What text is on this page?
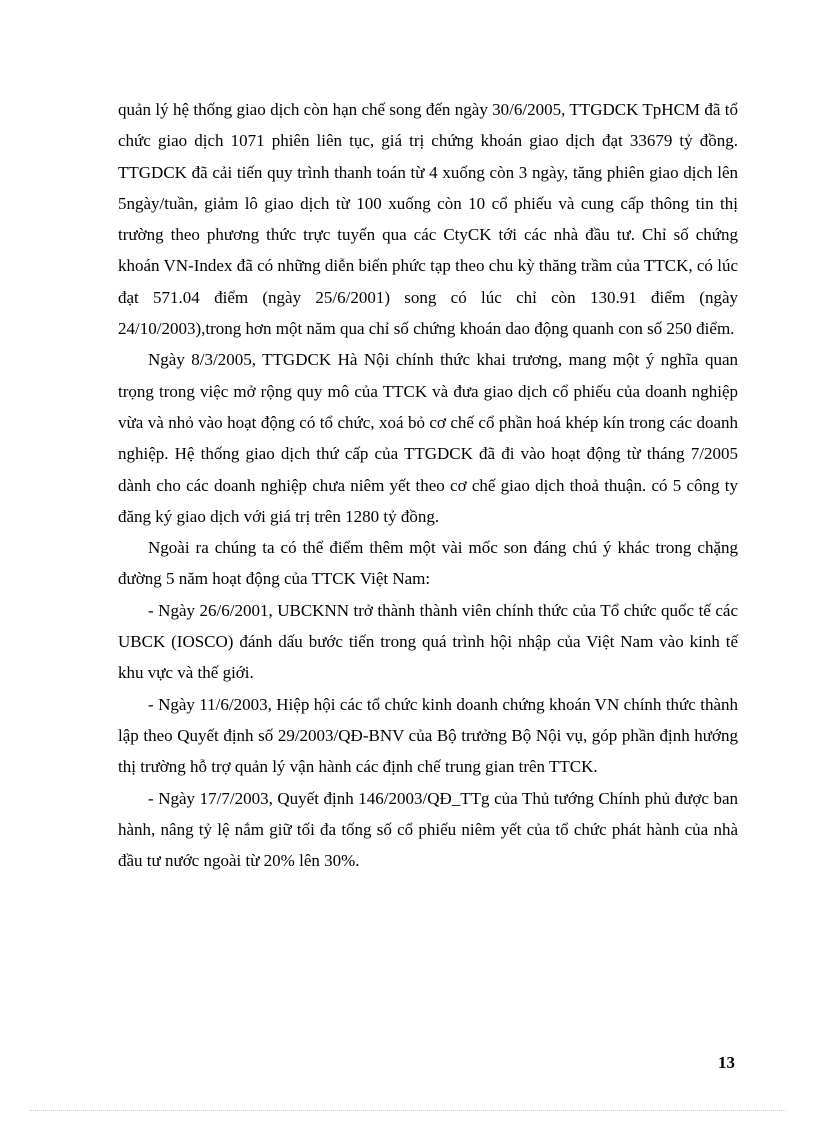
quản lý hệ thống giao dịch còn hạn chế song đến ngày 30/6/2005, TTGDCK TpHCM đã tổ chức giao dịch 1071 phiên liên tục, giá trị chứng khoán giao dịch đạt 33679 tỷ đồng. TTGDCK đã cải tiến quy trình thanh toán từ 4 xuống còn 3 ngày, tăng phiên giao dịch lên 5ngày/tuần, giảm lô giao dịch từ 100 xuống còn 10 cổ phiếu và cung cấp thông tin thị trường theo phương thức trực tuyến qua các CtyCK tới các nhà đầu tư. Chỉ số chứng khoán VN-Index đã có những diễn biến phức tạp theo chu kỳ thăng trầm của TTCK, có lúc đạt 571.04 điểm (ngày 25/6/2001) song có lúc chỉ còn 130.91 điểm (ngày 24/10/2003),trong hơn một năm qua chỉ số chứng khoán dao động quanh con số 250 điểm.

Ngày 8/3/2005, TTGDCK Hà Nội chính thức khai trương, mang một ý nghĩa quan trọng trong việc mở rộng quy mô của TTCK và đưa giao dịch cổ phiếu của doanh nghiệp vừa và nhỏ vào hoạt động có tổ chức, xoá bỏ cơ chế cổ phần hoá khép kín trong các doanh nghiệp. Hệ thống giao dịch thứ cấp của TTGDCK đã đi vào hoạt động từ tháng 7/2005 dành cho các doanh nghiệp chưa niêm yết theo cơ chế giao dịch thoả thuận. có 5 công ty đăng ký giao dịch với giá trị trên 1280 tỷ đồng.

Ngoài ra chúng ta có thể điểm thêm một vài mốc son đáng chú ý khác trong chặng đường 5 năm hoạt động của TTCK Việt Nam:

- Ngày 26/6/2001, UBCKNN trở thành thành viên chính thức của Tổ chức quốc tế các UBCK (IOSCO) đánh dấu bước tiến trong quá trình hội nhập của Việt Nam vào kinh tế khu vực và thế giới.

- Ngày 11/6/2003, Hiệp hội các tổ chức kinh doanh chứng khoán VN chính thức thành lập theo Quyết định số 29/2003/QĐ-BNV của Bộ trưởng Bộ Nội vụ, góp phần định hướng thị trường hỗ trợ quản lý vận hành các định chế trung gian trên TTCK.

- Ngày 17/7/2003, Quyết định 146/2003/QĐ_TTg của Thủ tướng Chính phủ được ban hành, nâng tỷ lệ nắm giữ tối đa tổng số cổ phiếu niêm yết của tổ chức phát hành của nhà đầu tư nước ngoài từ 20% lên 30%.

13
